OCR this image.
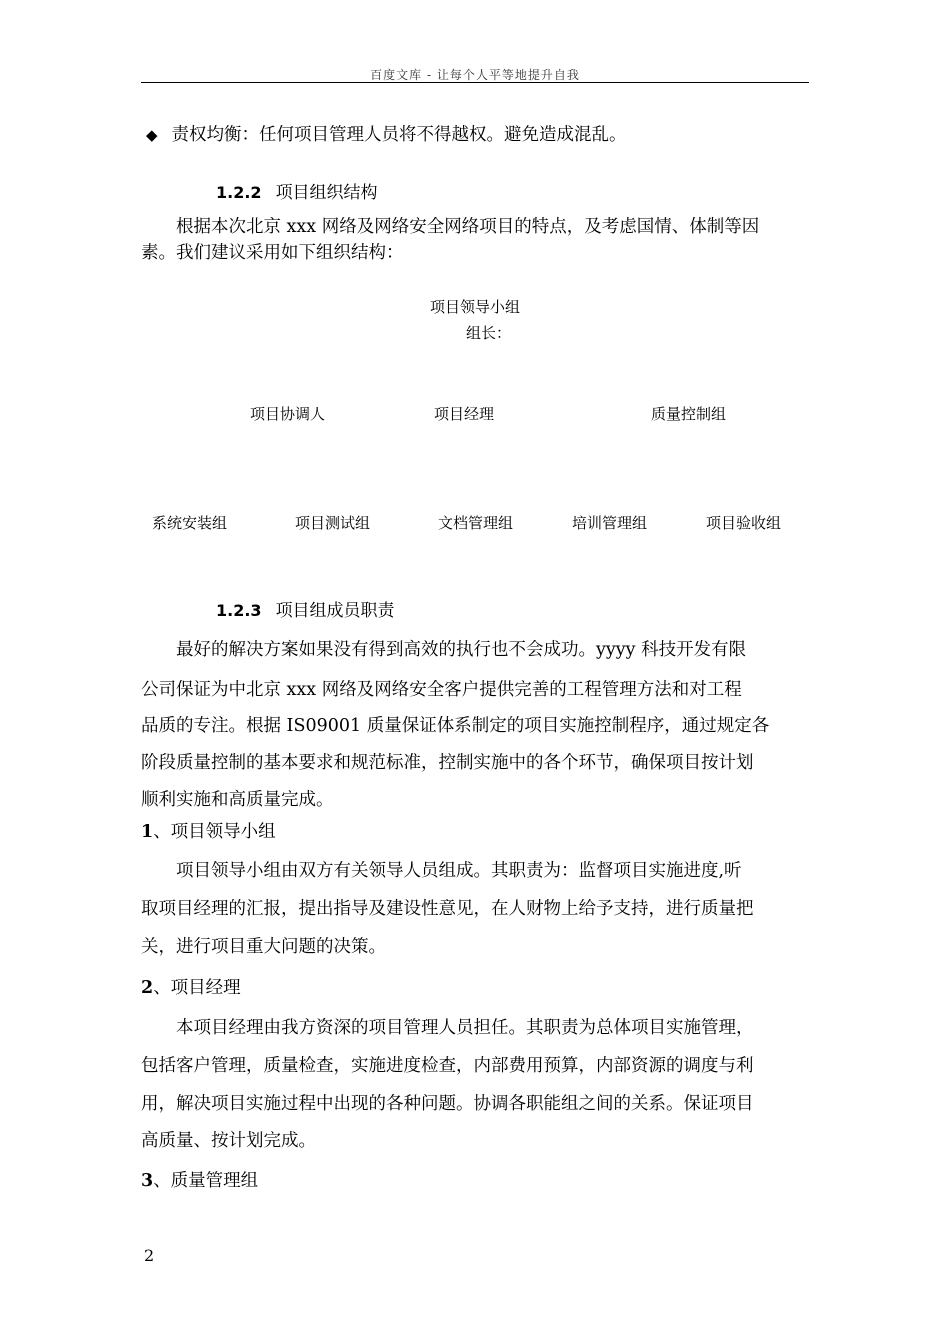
百度文库 - 让每个人平等地提升自我
◆ 责权均衡：任何项目管理人员将不得越权。避免造成混乱。
1.2.2 项目组织结构
根据本次北京 xxx 网络及网络安全网络项目的特点，及考虑国情、体制等因
素。我们建议采用如下组织结构：
项目领导小组
组长：
项目协调人	项目经理	质量控制组
系统安装组	项目测试组	文档管理组	培训管理组	项目验收组
1.2.3 项目组成员职责
最好的解决方案如果没有得到高效的执行也不会成功。yyyy 科技开发有限
公司保证为中北京 xxx 网络及网络安全客户提供完善的工程管理方法和对工程
品质的专注。根据 IS09001 质量保证体系制定的项目实施控制程序，通过规定各
阶段质量控制的基本要求和规范标准，控制实施中的各个环节，确保项目按计划
顺利实施和高质量完成。
1、项目领导小组
项目领导小组由双方有关领导人员组成。其职责为：监督项目实施进度,听
取项目经理的汇报，提出指导及建设性意见，在人财物上给予支持，进行质量把
关，进行项目重大问题的决策。
2、项目经理
本项目经理由我方资深的项目管理人员担任。其职责为总体项目实施管理，
包括客户管理，质量检查，实施进度检查，内部费用预算，内部资源的调度与利
用，解决项目实施过程中出现的各种问题。协调各职能组之间的关系。保证项目
高质量、按计划完成。
3、质量管理组
2
